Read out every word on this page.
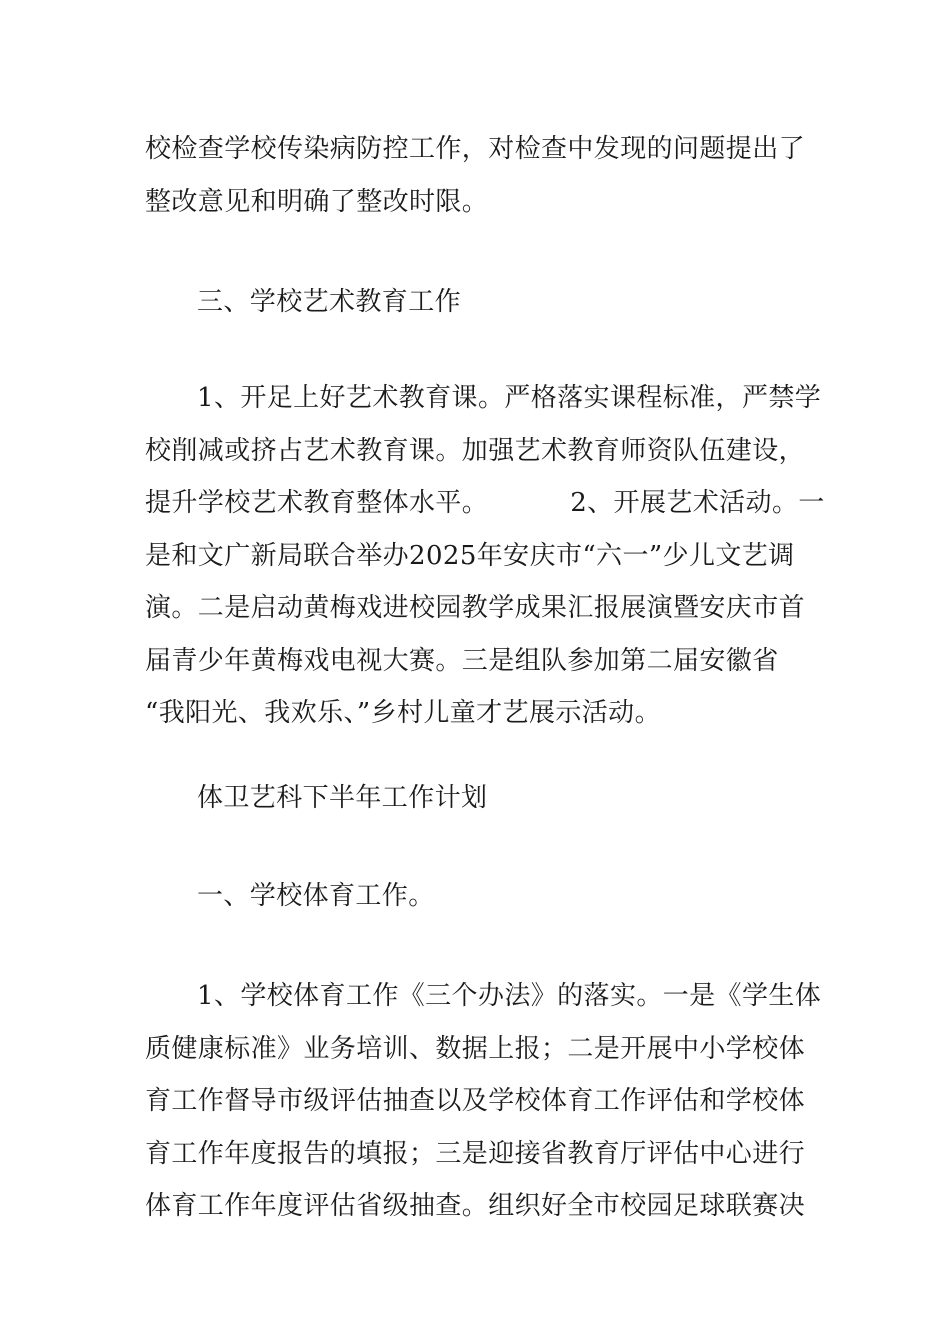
校检查学校传染病防控工作，对检查中发现的问题提出了
整改意见和明确了整改时限。

三、学校艺术教育工作

1、开足上好艺术教育课。严格落实课程标准，严禁学
校削减或挤占艺术教育课。加强艺术教育师资队伍建设，
提升学校艺术教育整体水平。	2、开展艺术活动。一
是和文广新局联合举办2025年安庆市“六一”少儿文艺调
演。二是启动黄梅戏进校园教学成果汇报展演暨安庆市首
届青少年黄梅戏电视大赛。三是组队参加第二届安徽省
“我阳光、我欢乐、”乡村儿童才艺展示活动。

体卫艺科下半年工作计划

一、学校体育工作。

1、学校体育工作《三个办法》的落实。一是《学生体
质健康标准》业务培训、数据上报；二是开展中小学校体
育工作督导市级评估抽查以及学校体育工作评估和学校体
育工作年度报告的填报；三是迎接省教育厅评估中心进行
体育工作年度评估省级抽查。组织好全市校园足球联赛决
